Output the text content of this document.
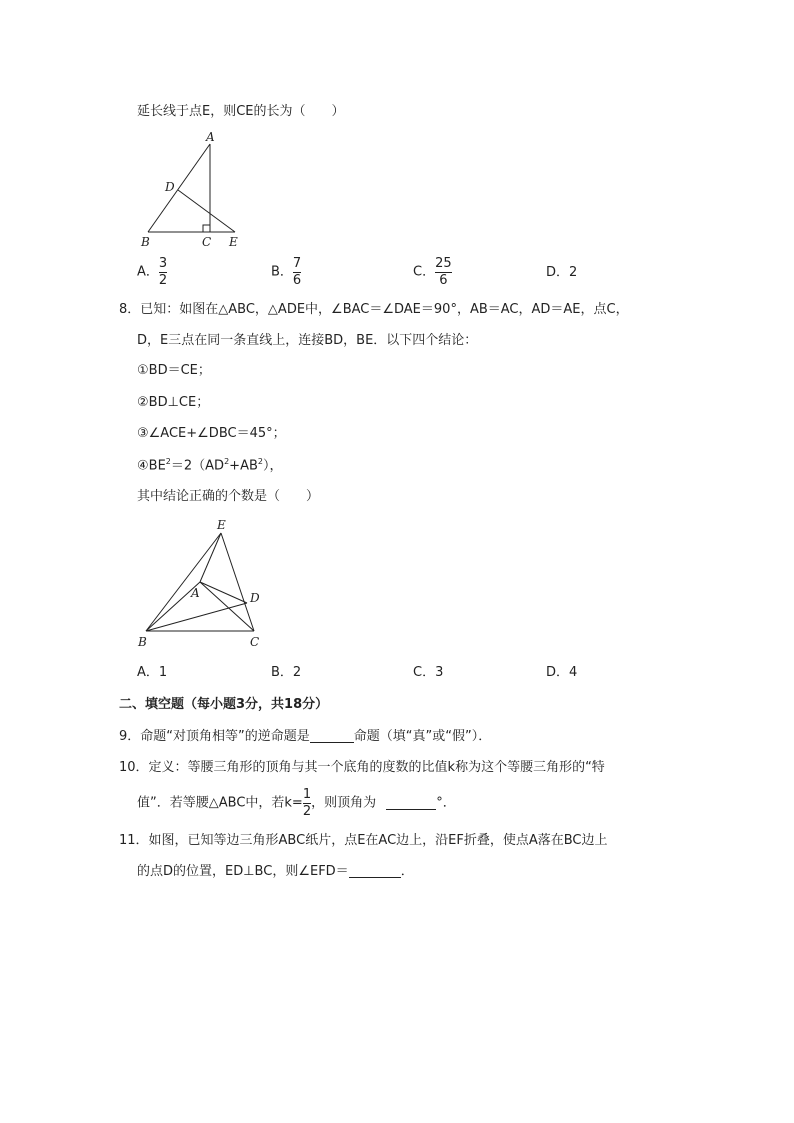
延长线于点E，则CE的长为（　　）
A
D
B	C E
A． $\frac{3}{2}$	B． $\frac{7}{6}$	C． $\frac{25}{6}$	D．2
8．已知：如图在△ABC，△ADE中，∠BAC＝∠DAE＝90°，AB＝AC，AD＝AE，点C，
D，E三点在同一条直线上，连接BD，BE．以下四个结论：
①BD＝CE；
②BD⊥CE；
③∠ACE+∠DBC＝45°；
$④BE^2=2(AD^2+AB^2)$，
其中结论正确的个数是（　　）
E
A	D
B	C
A．1	B．2	C．3	D．4
二、填空题（每小题3分，共18分）
9．命题“对顶角相等”的逆命题是	命题（填“真”或“假”）．
10．定义：等腰三角形的顶角与其一个底角的度数的比值k称为这个等腰三角形的“特
值”．若等腰△ABC中，若$k= \frac{1}{2}$ ，则顶角为	°．
11．如图，已知等边三角形ABC纸片，点E在AC边上，沿EF折叠，使点A落在BC边上
的点D的位置，ED⊥BC，则∠EFD＝	．
